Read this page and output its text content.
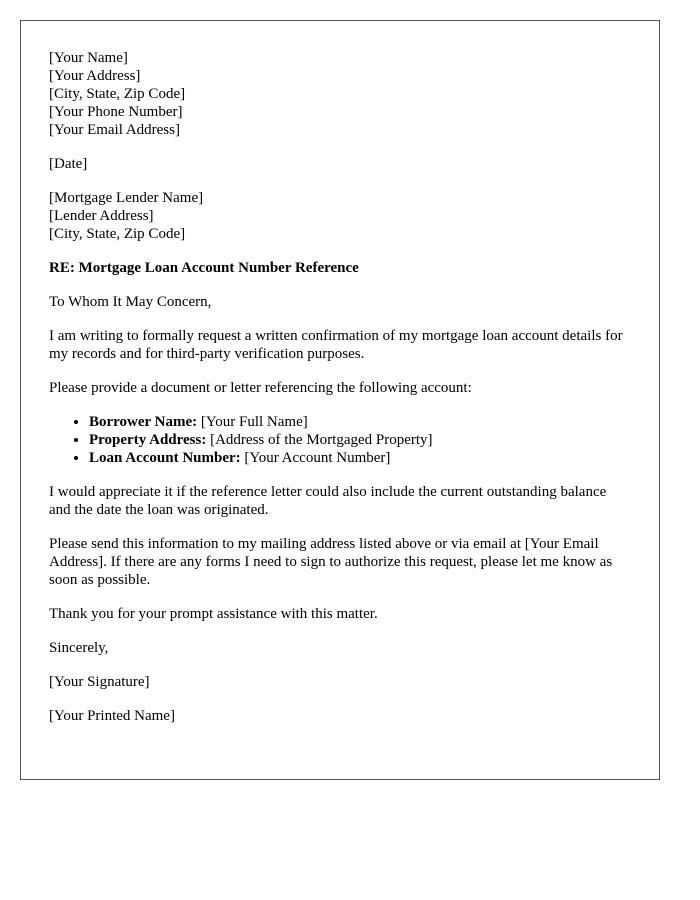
[Your Name]
[Your Address]
[City, State, Zip Code]
[Your Phone Number]
[Your Email Address]
[Date]
[Mortgage Lender Name]
[Lender Address]
[City, State, Zip Code]
RE: Mortgage Loan Account Number Reference

To Whom It May Concern,

I am writing to formally request a written confirmation of my mortgage loan account details for my records and for third-party verification purposes.

Please provide a document or letter referencing the following account:

• Borrower Name: [Your Full Name]
• Property Address: [Address of the Mortgaged Property]
• Loan Account Number: [Your Account Number]

I would appreciate it if the reference letter could also include the current outstanding balance and the date the loan was originated.

Please send this information to my mailing address listed above or via email at [Your Email Address]. If there are any forms I need to sign to authorize this request, please let me know as soon as possible.

Thank you for your prompt assistance with this matter.

Sincerely,

[Your Signature]

[Your Printed Name]
